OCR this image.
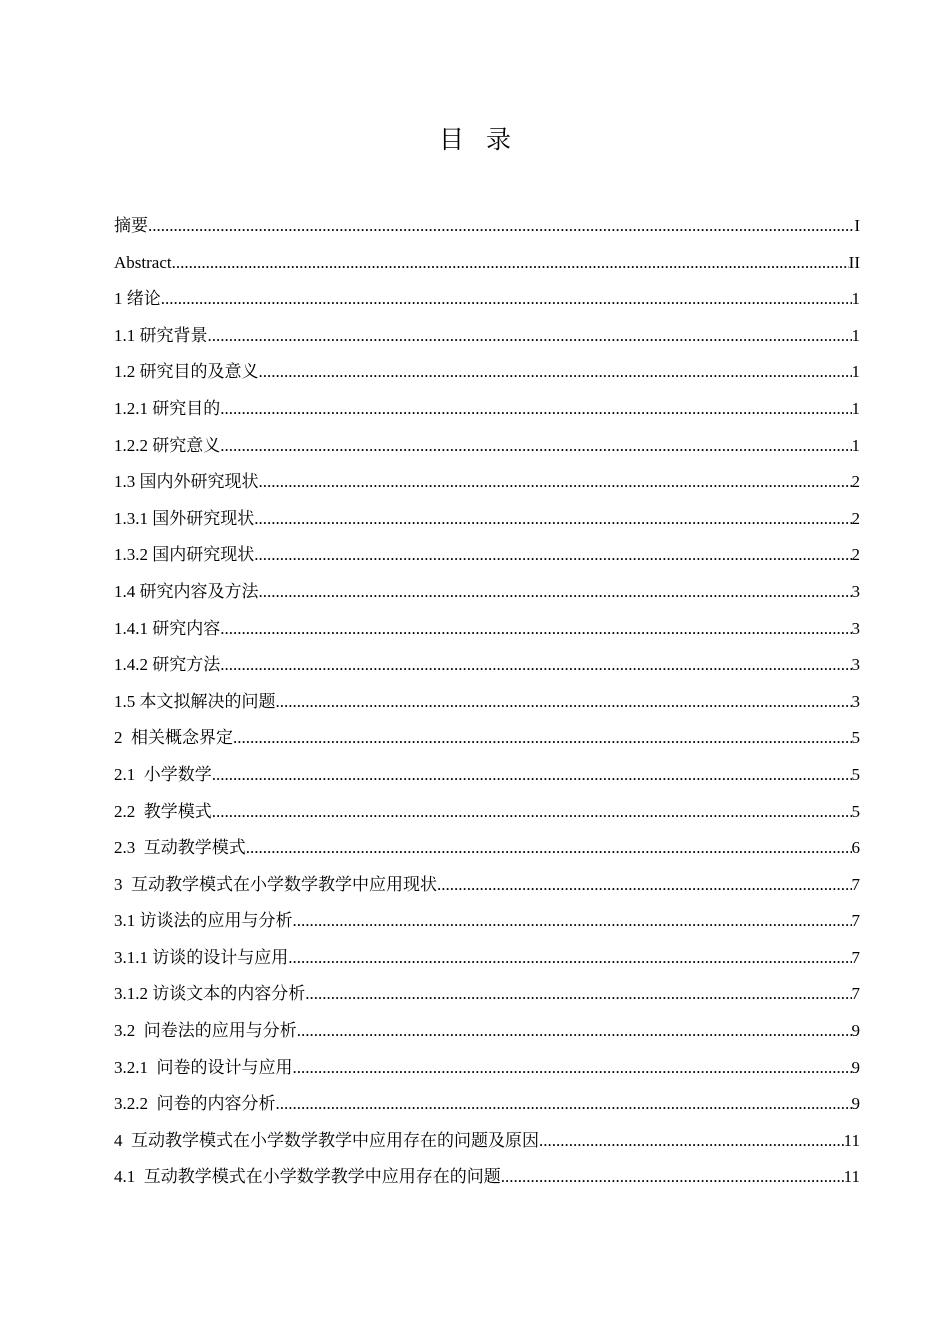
目录
摘要 .....	I
Abstract .....	II
1 绪论 .....	1
1.1 研究背景 .....	1
1.2 研究目的及意义 .....	1
1.2.1 研究目的 .....	1
1.2.2 研究意义 .....	1
1.3 国内外研究现状 .....	2
1.3.1 国外研究现状 .....	2
1.3.2 国内研究现状 .....	2
1.4 研究内容及方法 .....	3
1.4.1 研究内容 .....	3
1.4.2 研究方法 .....	3
1.5 本文拟解决的问题 .....	3
2  相关概念界定 .....	5
2.1  小学数学 .....	5
2.2  教学模式 .....	5
2.3  互动教学模式 .....	6
3  互动教学模式在小学数学教学中应用现状 .....	7
3.1 访谈法的应用与分析 .....	7
3.1.1 访谈的设计与应用 .....	7
3.1.2 访谈文本的内容分析 .....	7
3.2  问卷法的应用与分析 .....	9
3.2.1  问卷的设计与应用 .....	9
3.2.2  问卷的内容分析 .....	9
4  互动教学模式在小学数学教学中应用存在的问题及原因 .....	11
4.1  互动教学模式在小学数学教学中应用存在的问题 .....	11
